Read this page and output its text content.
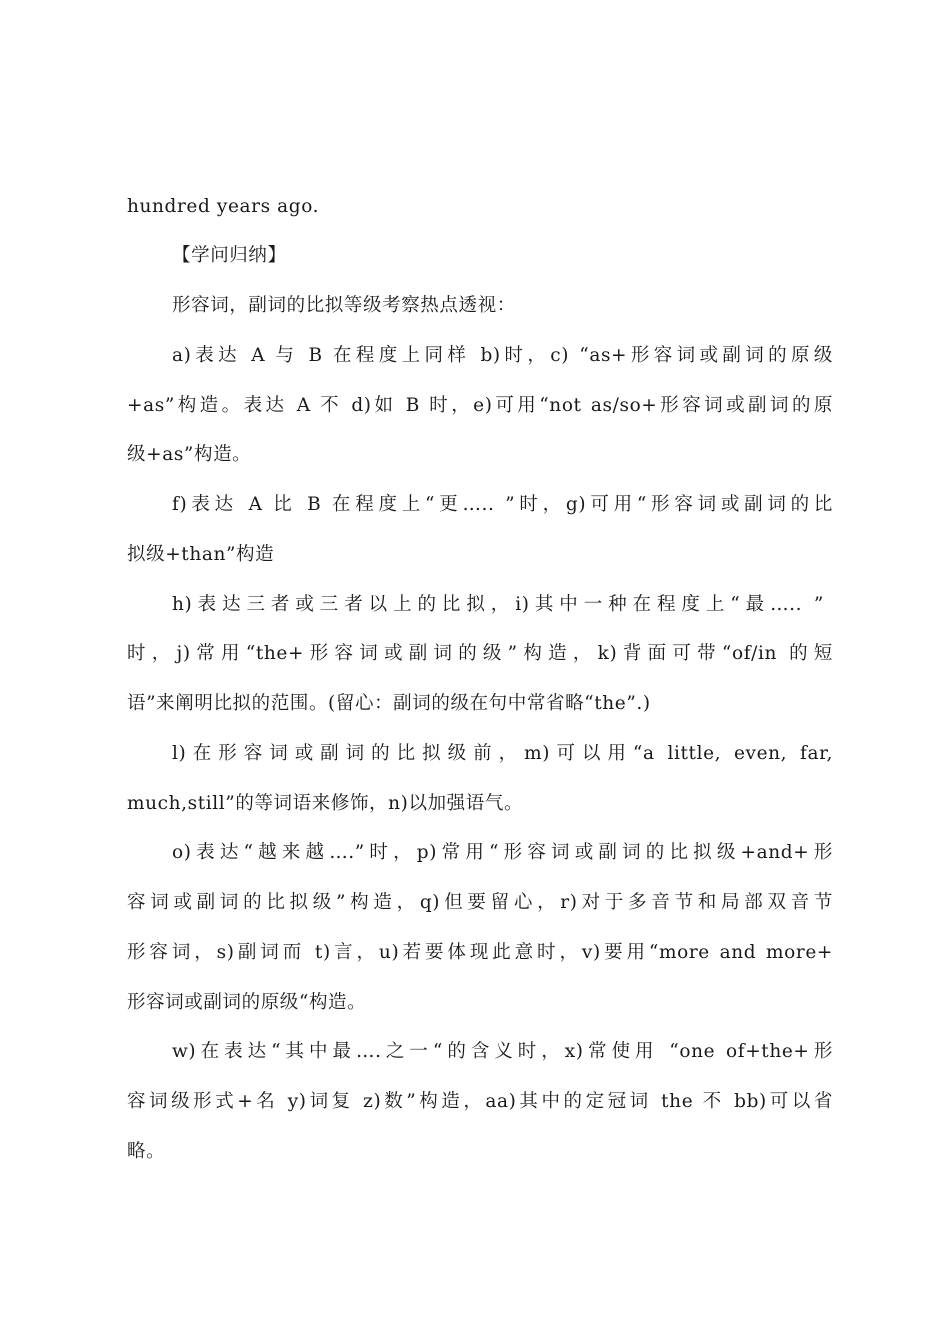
hundred years ago.
【学问归纳】
形容词，副词的比拟等级考察热点透视：
a)表达 A 与 B 在程度上同样 b)时，c) “as+形容词或副词的原级
+as”构造。表达 A 不 d)如 B 时，e)可用“not as/so+形容词或副词的原
级+as”构造。
f)表达 A 比 B 在程度上“更….. ”时，g)可用“形容词或副词的比
拟级+than”构造
h)表达三者或三者以上的比拟，i)其中一种在程度上“最….. ”
时，j)常用“the+形容词或副词的级”构造，k)背面可带“of/in 的短
语”来阐明比拟的范围。(留心：副词的级在句中常省略“the”.)
l)在形容词或副词的比拟级前，m)可以用“a little, even, far,
much,still”的等词语来修饰，n)以加强语气。
o)表达“越来越….”时，p)常用“形容词或副词的比拟级+and+形
容词或副词的比拟级”构造，q)但要留心，r)对于多音节和局部双音节
形容词，s)副词而 t)言，u)若要体现此意时，v)要用“more and more+
形容词或副词的原级“构造。
w)在表达“其中最….之一“的含义时，x)常使用 “one of+the+形
容词级形式+名 y)词复 z)数”构造，aa)其中的定冠词 the 不 bb)可以省
略。
